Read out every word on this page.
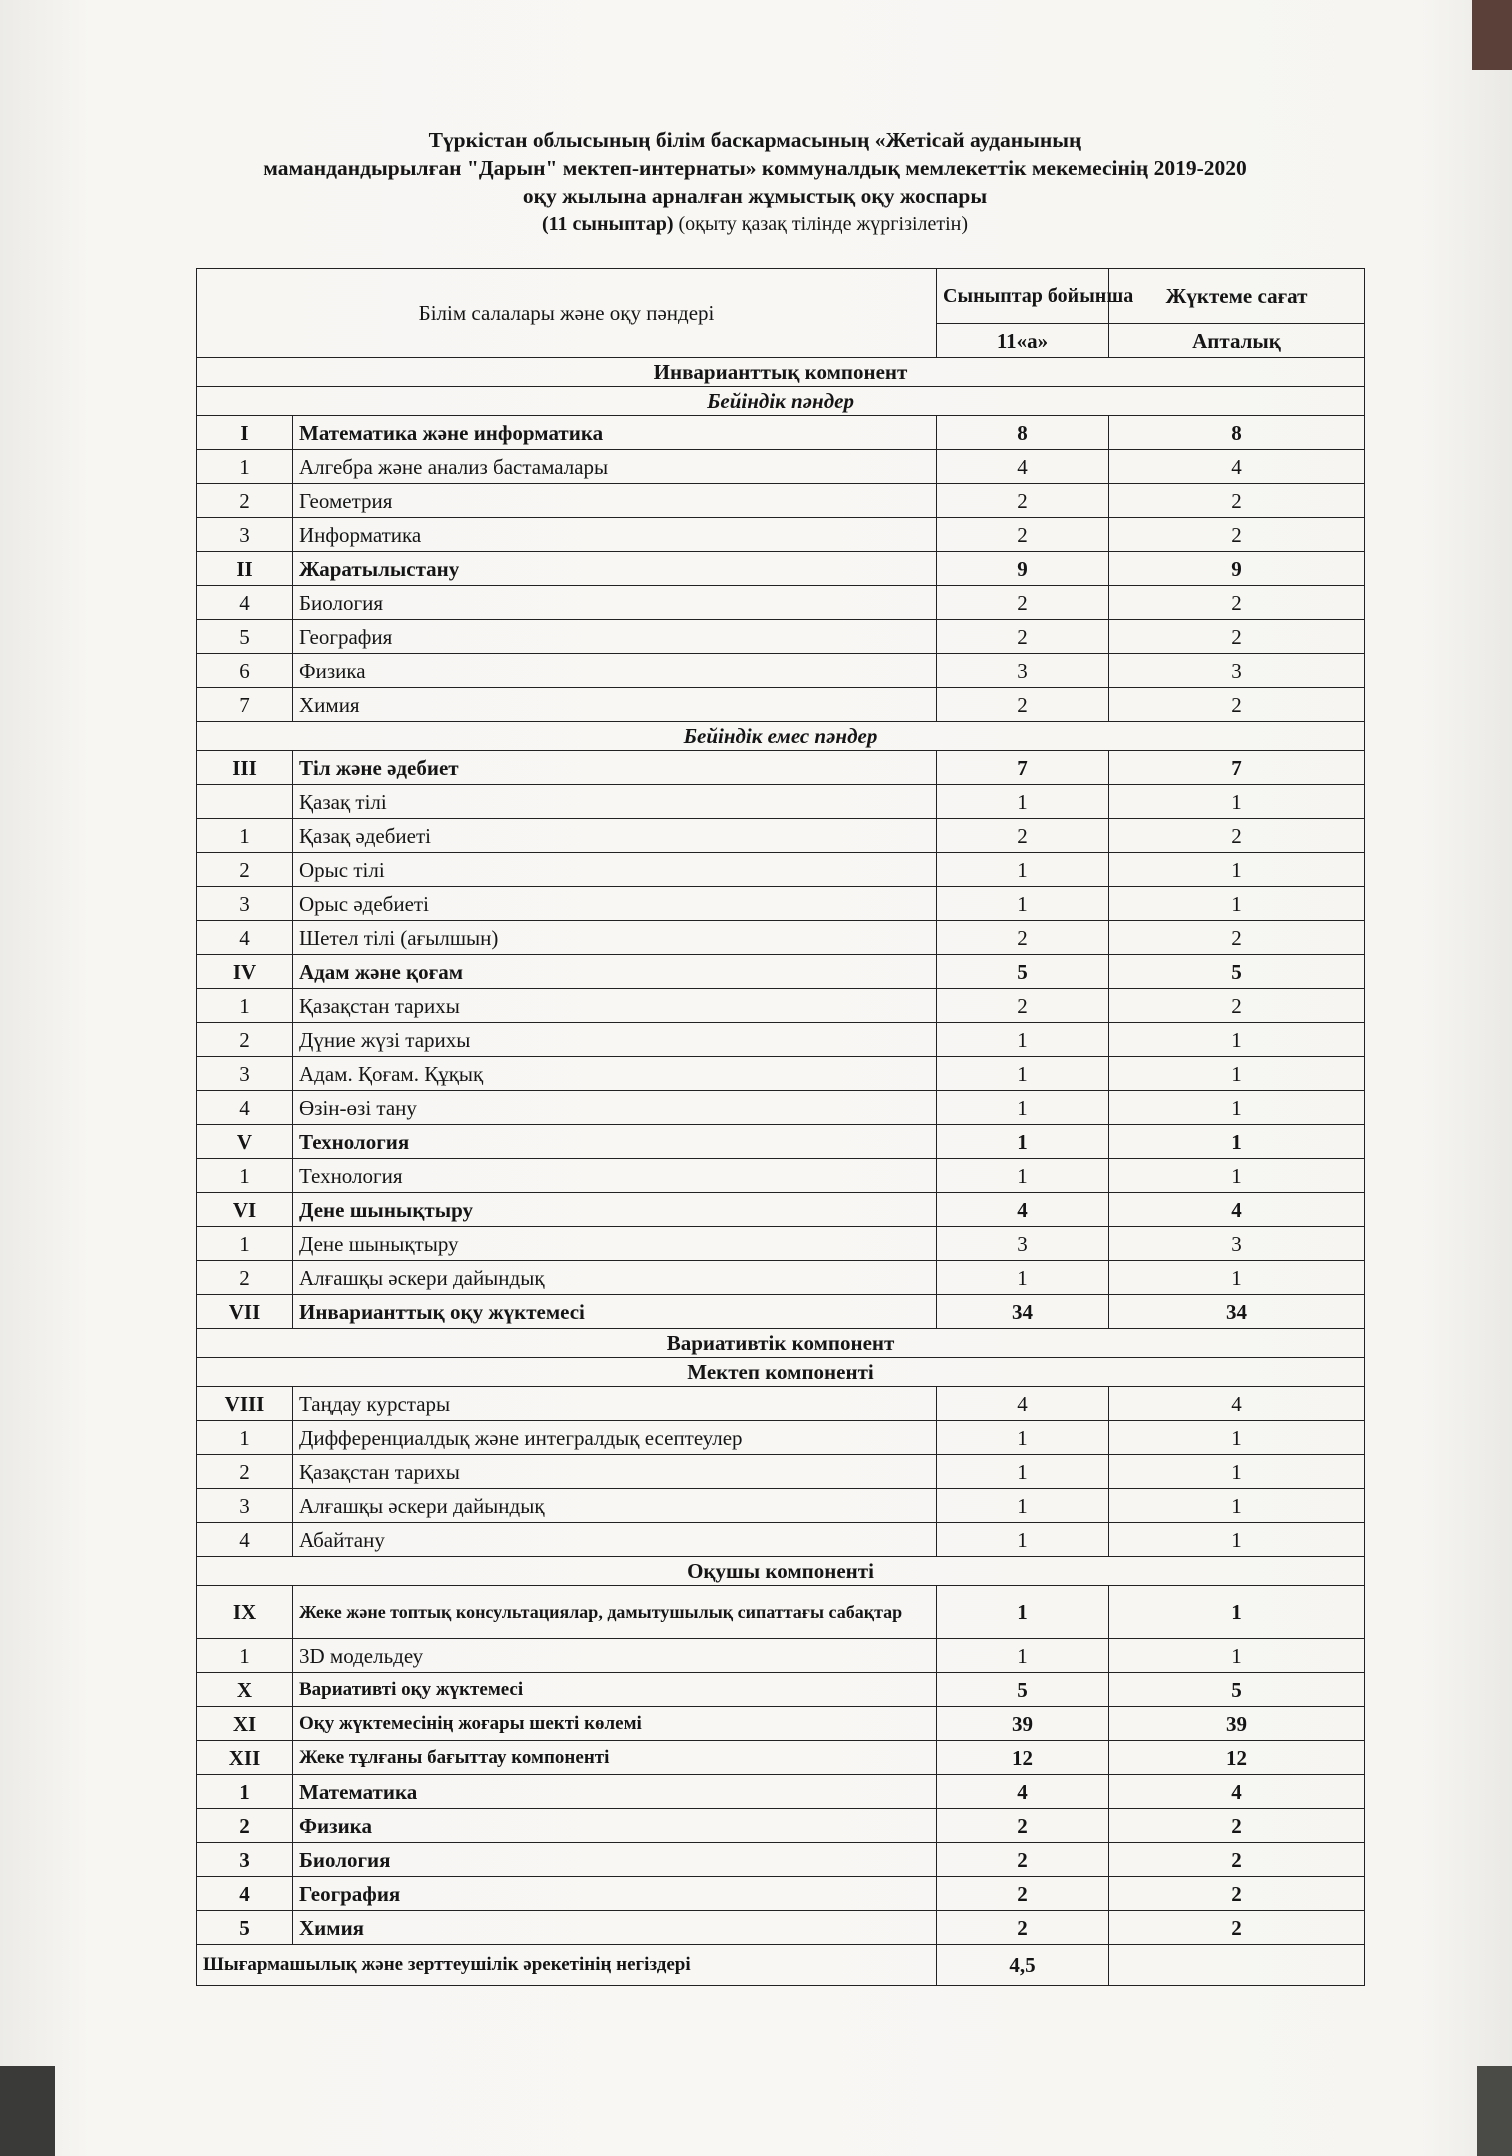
Түркістан облысының білім баскармасының «Жетісай ауданының
мамандандырылған "Дарын" мектеп-интернаты» коммуналдық мемлекеттік мекемесінің 2019-2020
оқу жылына арналған жұмыстық оқу жоспары
(11 сыныптар) (оқыту қазақ тілінде жүргізілетін)
Білім салалары және оқу пәндері		Сыныптар бойынша	Жүктеме сағат
		11«а»	Апталық
Инварианттық компонент			
Бейіндік пәндер			
I	Математика және информатика	8	8
1	Алгебра және анализ бастамалары	4	4
2	Геометрия	2	2
3	Информатика	2	2
II	Жаратылыстану	9	9
4	Биология	2	2
5	География	2	2
6	Физика	3	3
7	Химия	2	2
Бейіндік емес пәндер			
III	Тіл және әдебиет	7	7
	Қазақ тілі	1	1
1	Қазақ әдебиеті	2	2
2	Орыс тілі	1	1
3	Орыс әдебиеті	1	1
4	Шетел тілі (ағылшын)	2	2
IV	Адам және қоғам	5	5
1	Қазақстан тарихы	2	2
2	Дүние жүзі тарихы	1	1
3	Адам. Қоғам. Құқық	1	1
4	Өзін-өзі тану	1	1
V	Технология	1	1
1	Технология	1	1
VI	Дене шынықтыру	4	4
1	Дене шынықтыру	3	3
2	Алғашқы әскери дайындық	1	1
VII	Инварианттық оқу жүктемесі	34	34
Вариативтік компонент			
Мектеп компоненті			
VIII	Таңдау курстары	4	4
1	Дифференциалдық және интегралдық есептеулер	1	1
2	Қазақстан тарихы	1	1
3	Алғашқы әскери дайындық	1	1
4	Абайтану	1	1
Оқушы компоненті			
IX	Жеке және топтық консультациялар, дамытушылық сипаттағы сабақтар	1	1
1	3D модельдеу	1	1
X	Вариативті оқу жүктемесі	5	5
XI	Оқу жүктемесінің жоғары шекті көлемі	39	39
XII	Жеке тұлғаны бағыттау компоненті	12	12
1	Математика	4	4
2	Физика	2	2
3	Биология	2	2
4	География	2	2
5	Химия	2	2
Шығармашылық және зерттеушілік әрекетінің негіздері		4,5	
